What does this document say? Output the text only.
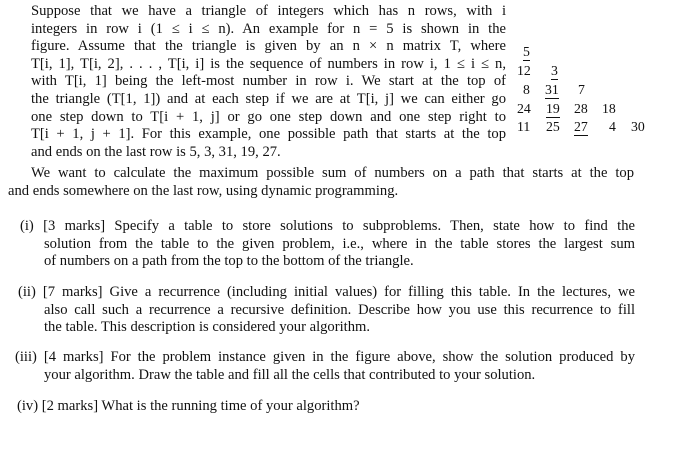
Suppose that we have a triangle of integers which has n rows, with i
integers in row i (1 ≤ i ≤ n). An example for n = 5 is shown in the
figure. Assume that the triangle is given by an n × n matrix T, where
T[i, 1], T[i, 2], . . . , T[i, i] is the sequence of numbers in row i, 1 ≤ i ≤ n,
with T[i, 1] being the left-most number in row i. We start at the top of
the triangle (T[1, 1]) and at each step if we are at T[i, j] we can either go
one step down to T[i + 1, j] or go one step down and one step right to
T[i + 1, j + 1]. For this example, one possible path that starts at the top
and ends on the last row is 5, 3, 31, 19, 27.
5
12 3
8 31 7
24 19 28 18
11 25 27 4 30
We want to calculate the maximum possible sum of numbers on a path that starts at the top
and ends somewhere on the last row, using dynamic programming.
(i) [3 marks] Specify a table to store solutions to subproblems. Then, state how to find the
solution from the table to the given problem, i.e., where in the table stores the largest sum
of numbers on a path from the top to the bottom of the triangle.
(ii) [7 marks] Give a recurrence (including initial values) for filling this table. In the lectures, we
also call such a recurrence a recursive definition. Describe how you use this recurrence to fill
the table. This description is considered your algorithm.
(iii) [4 marks] For the problem instance given in the figure above, show the solution produced by
your algorithm. Draw the table and fill all the cells that contributed to your solution.
(iv) [2 marks] What is the running time of your algorithm?
